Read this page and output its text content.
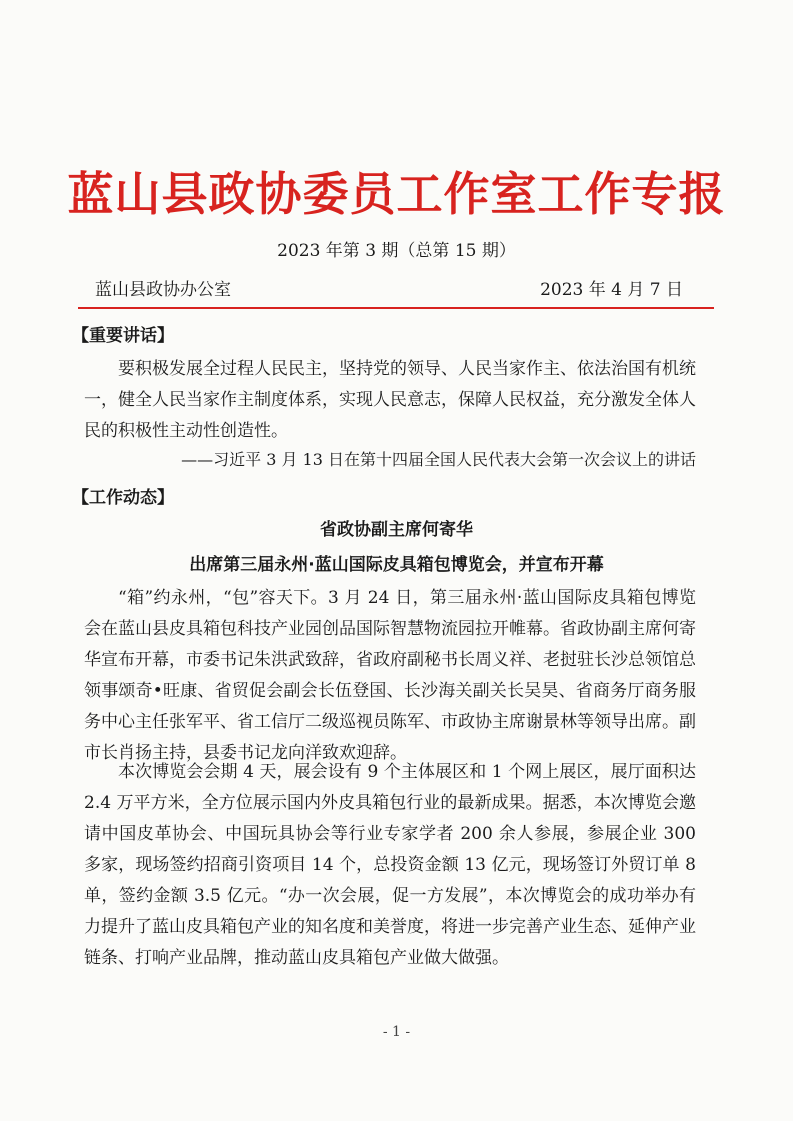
蓝山县政协委员工作室工作专报
2023 年第 3 期（总第 15 期）
蓝山县政协办公室	2023 年 4 月 7 日
【重要讲话】

要积极发展全过程人民民主，坚持党的领导、人民当家作主、依法治国有机统一，健全人民当家作主制度体系，实现人民意志，保障人民权益，充分激发全体人民的积极性主动性创造性。

——习近平 3 月 13 日在第十四届全国人民代表大会第一次会议上的讲话
【工作动态】
省政协副主席何寄华
出席第三届永州·蓝山国际皮具箱包博览会，并宣布开幕

“箱”约永州，“包”容天下。3 月 24 日，第三届永州·蓝山国际皮具箱包博览会在蓝山县皮具箱包科技产业园创品国际智慧物流园拉开帷幕。省政协副主席何寄华宣布开幕，市委书记朱洪武致辞，省政府副秘书长周义祥、老挝驻长沙总领馆总领事颂奇•旺康、省贸促会副会长伍登国、长沙海关副关长吴昊、省商务厅商务服务中心主任张军平、省工信厅二级巡视员陈军、市政协主席谢景林等领导出席。副市长肖扬主持，县委书记龙向洋致欢迎辞。

本次博览会会期 4 天，展会设有 9 个主体展区和 1 个网上展区，展厅面积达 2.4 万平方米，全方位展示国内外皮具箱包行业的最新成果。据悉，本次博览会邀请中国皮革协会、中国玩具协会等行业专家学者 200 余人参展，参展企业 300 多家，现场签约招商引资项目 14 个，总投资金额 13 亿元，现场签订外贸订单 8 单，签约金额 3.5 亿元。“办一次会展，促一方发展”，本次博览会的成功举办有力提升了蓝山皮具箱包产业的知名度和美誉度，将进一步完善产业生态、延伸产业链条、打响产业品牌，推动蓝山皮具箱包产业做大做强。

- 1 -
